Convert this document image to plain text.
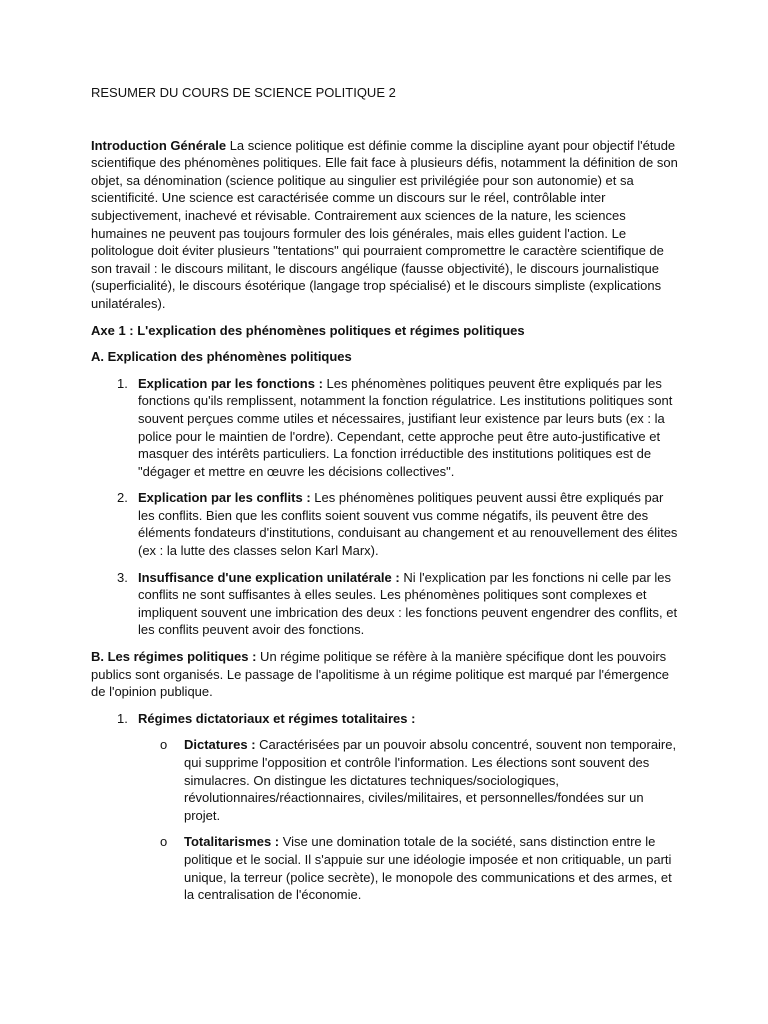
RESUMER DU COURS DE SCIENCE POLITIQUE 2

Introduction Générale La science politique est définie comme la discipline ayant pour objectif l'étude scientifique des phénomènes politiques. Elle fait face à plusieurs défis, notamment la définition de son objet, sa dénomination (science politique au singulier est privilégiée pour son autonomie) et sa scientificité. Une science est caractérisée comme un discours sur le réel, contrôlable inter subjectivement, inachevé et révisable. Contrairement aux sciences de la nature, les sciences humaines ne peuvent pas toujours formuler des lois générales, mais elles guident l'action. Le politologue doit éviter plusieurs "tentations" qui pourraient compromettre le caractère scientifique de son travail : le discours militant, le discours angélique (fausse objectivité), le discours journalistique (superficialité), le discours ésotérique (langage trop spécialisé) et le discours simpliste (explications unilatérales).

Axe 1 : L'explication des phénomènes politiques et régimes politiques

A. Explication des phénomènes politiques

1. Explication par les fonctions : Les phénomènes politiques peuvent être expliqués par les fonctions qu'ils remplissent, notamment la fonction régulatrice. Les institutions politiques sont souvent perçues comme utiles et nécessaires, justifiant leur existence par leurs buts (ex : la police pour le maintien de l'ordre). Cependant, cette approche peut être auto-justificative et masquer des intérêts particuliers. La fonction irréductible des institutions politiques est de "dégager et mettre en œuvre les décisions collectives".
2. Explication par les conflits : Les phénomènes politiques peuvent aussi être expliqués par les conflits. Bien que les conflits soient souvent vus comme négatifs, ils peuvent être des éléments fondateurs d'institutions, conduisant au changement et au renouvellement des élites (ex : la lutte des classes selon Karl Marx).
3. Insuffisance d'une explication unilatérale : Ni l'explication par les fonctions ni celle par les conflits ne sont suffisantes à elles seules. Les phénomènes politiques sont complexes et impliquent souvent une imbrication des deux : les fonctions peuvent engendrer des conflits, et les conflits peuvent avoir des fonctions.

B. Les régimes politiques : Un régime politique se réfère à la manière spécifique dont les pouvoirs publics sont organisés. Le passage de l'apolitisme à un régime politique est marqué par l'émergence de l'opinion publique.

1. Régimes dictatoriaux et régimes totalitaires :
o Dictatures : Caractérisées par un pouvoir absolu concentré, souvent non temporaire, qui supprime l'opposition et contrôle l'information. Les élections sont souvent des simulacres. On distingue les dictatures techniques/sociologiques, révolutionnaires/réactionnaires, civiles/militaires, et personnelles/fondées sur un projet.
o Totalitarismes : Vise une domination totale de la société, sans distinction entre le politique et le social. Il s'appuie sur une idéologie imposée et non critiquable, un parti unique, la terreur (police secrète), le monopole des communications et des armes, et la centralisation de l'économie.
